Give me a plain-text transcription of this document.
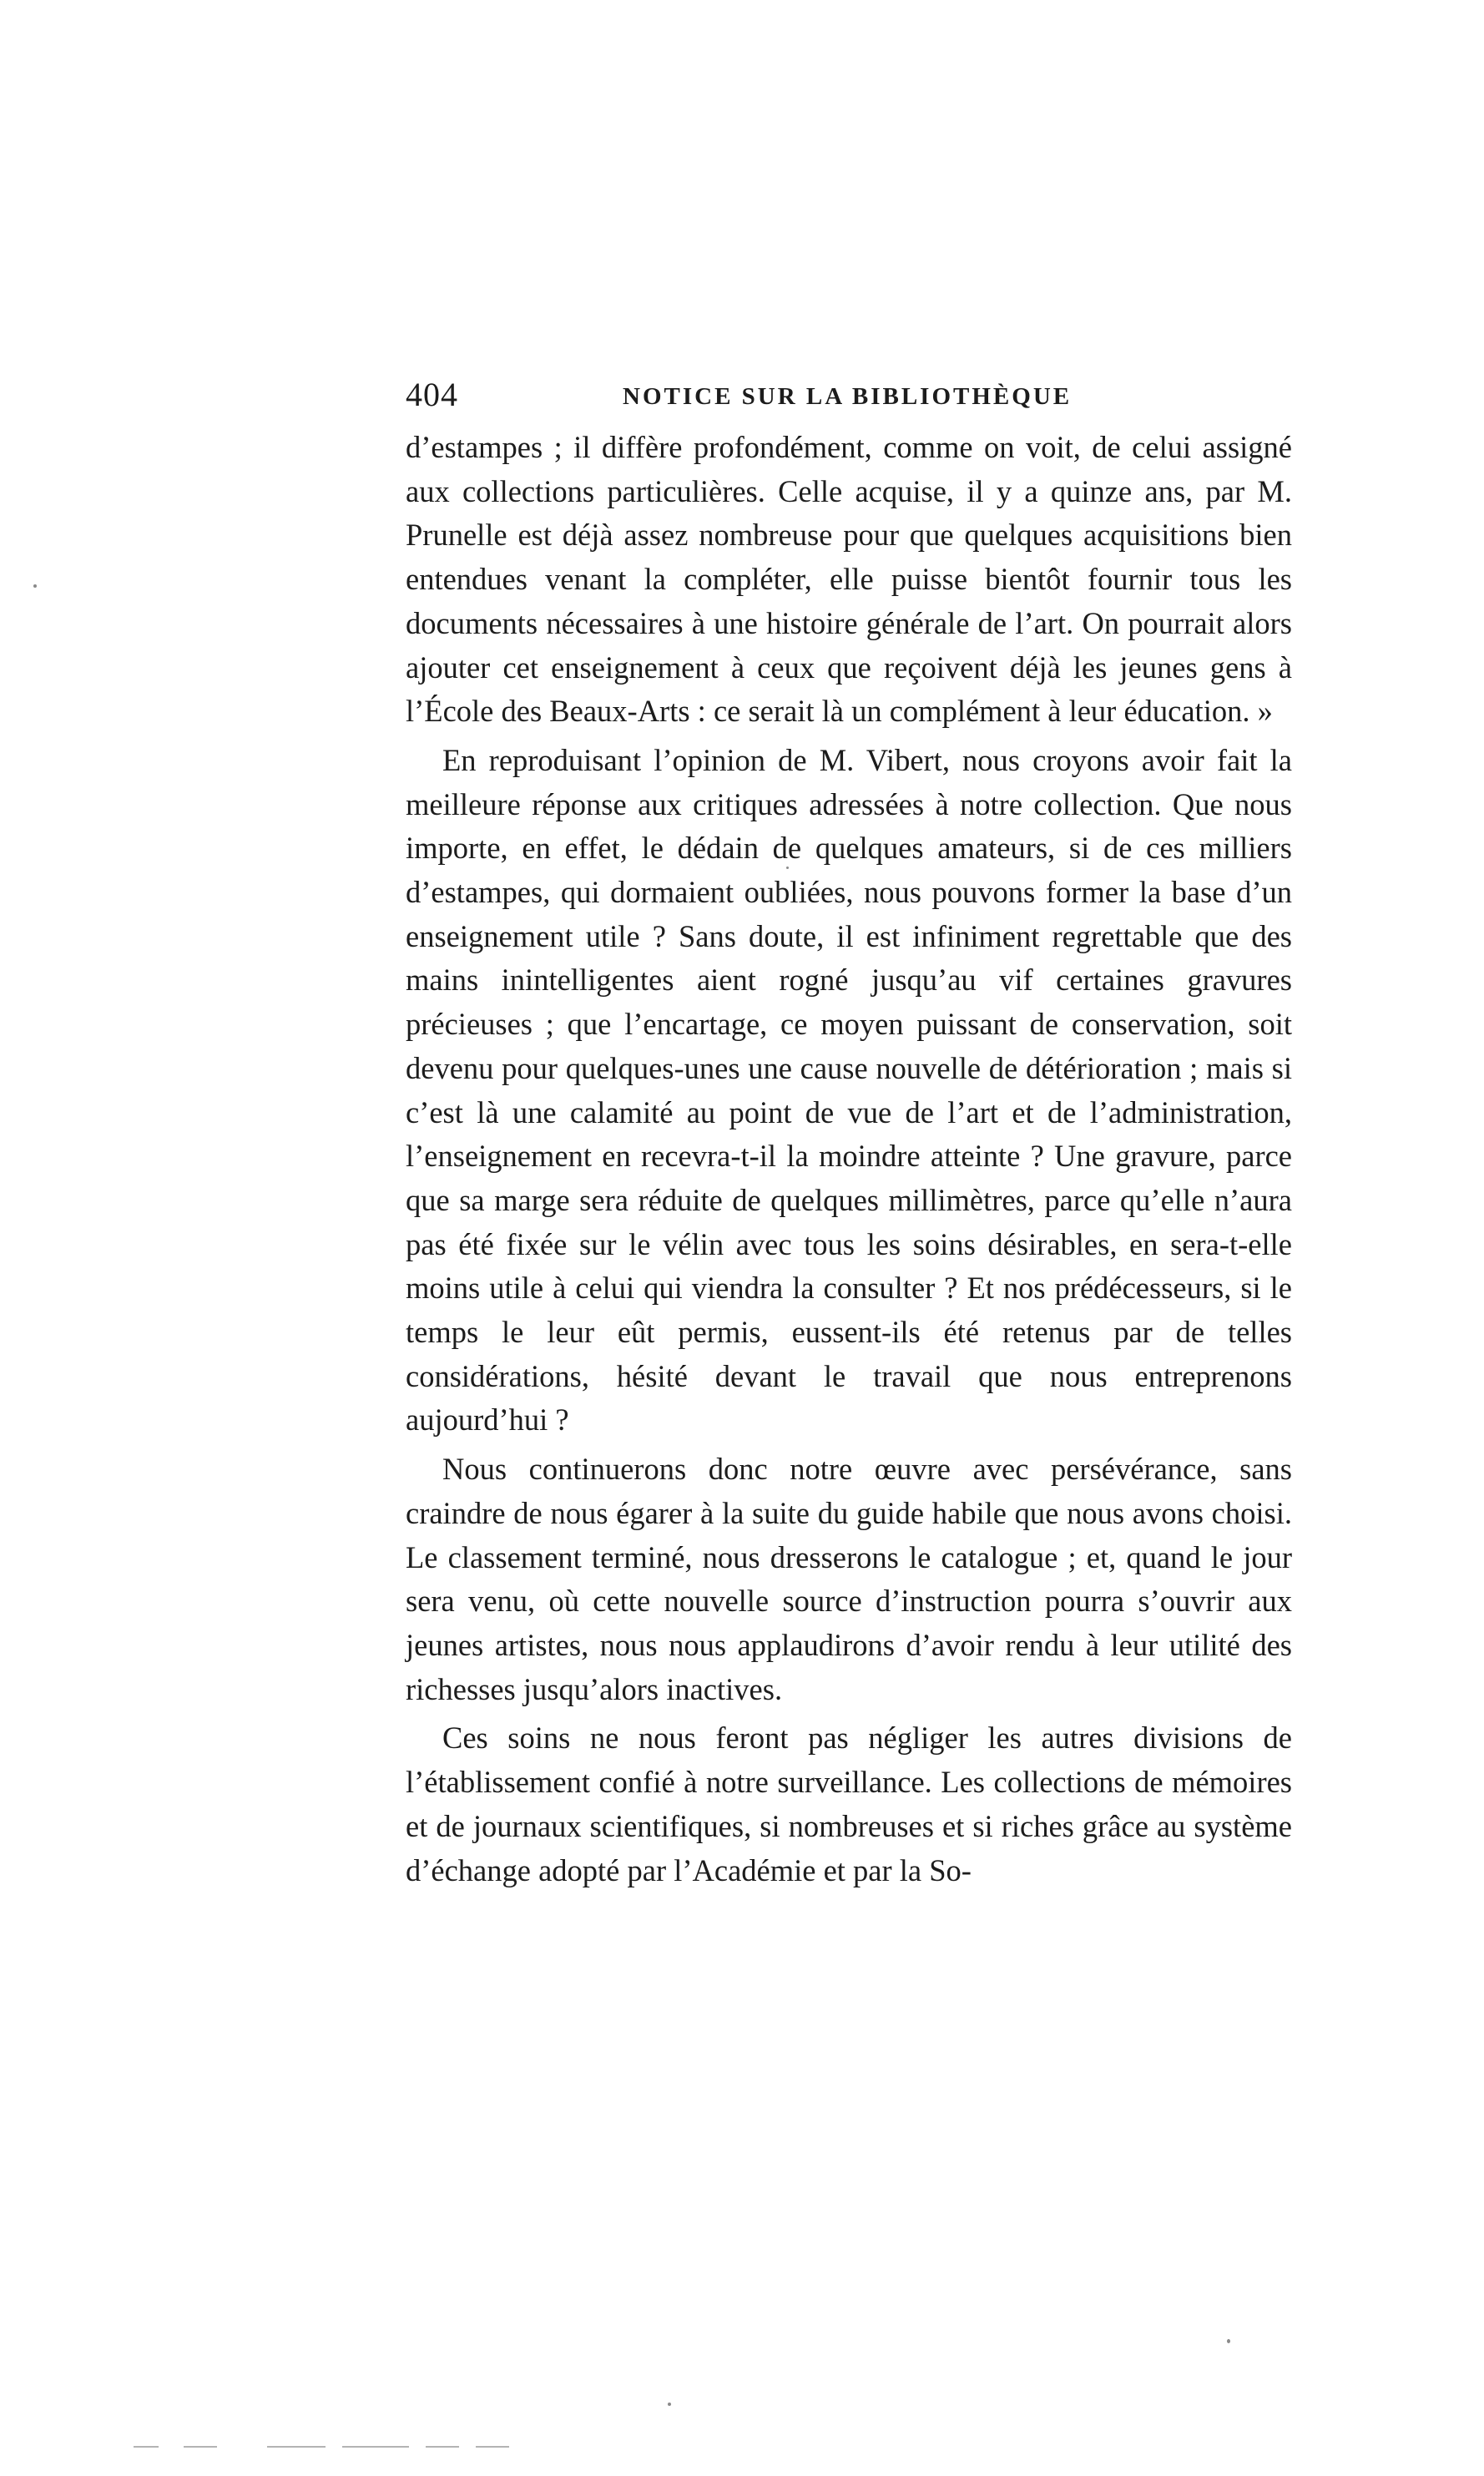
404	NOTICE SUR LA BIBLIOTHÈQUE

d’estampes ; il diffère profondément, comme on voit, de celui assigné aux collections particulières. Celle acquise, il y a quinze ans, par M. Prunelle est déjà assez nombreuse pour que quelques acquisitions bien entendues venant la compléter, elle puisse bientôt fournir tous les documents nécessaires à une histoire générale de l’art. On pourrait alors ajouter cet enseignement à ceux que reçoivent déjà les jeunes gens à l’École des Beaux-Arts : ce serait là un complément à leur éducation. »

En reproduisant l’opinion de M. Vibert, nous croyons avoir fait la meilleure réponse aux critiques adressées à notre collection. Que nous importe, en effet, le dédain de quelques amateurs, si de ces milliers d’estampes, qui dormaient oubliées, nous pouvons former la base d’un enseignement utile ? Sans doute, il est infiniment regrettable que des mains inintelligentes aient rogné jusqu’au vif certaines gravures précieuses ; que l’encartage, ce moyen puissant de conservation, soit devenu pour quelques-unes une cause nouvelle de détérioration ; mais si c’est là une calamité au point de vue de l’art et de l’administration, l’enseignement en recevra-t-il la moindre atteinte ? Une gravure, parce que sa marge sera réduite de quelques millimètres, parce qu’elle n’aura pas été fixée sur le vélin avec tous les soins désirables, en sera-t-elle moins utile à celui qui viendra la consulter ? Et nos prédécesseurs, si le temps le leur eût permis, eussent-ils été retenus par de telles considérations, hésité devant le travail que nous entreprenons aujourd’hui ?

Nous continuerons donc notre œuvre avec persévérance, sans craindre de nous égarer à la suite du guide habile que nous avons choisi. Le classement terminé, nous dresserons le catalogue ; et, quand le jour sera venu, où cette nouvelle source d’instruction pourra s’ouvrir aux jeunes artistes, nous nous applaudirons d’avoir rendu à leur utilité des richesses jusqu’alors inactives.

Ces soins ne nous feront pas négliger les autres divisions de l’établissement confié à notre surveillance. Les collections de mémoires et de journaux scientifiques, si nombreuses et si riches grâce au système d’échange adopté par l’Académie et par la So-
